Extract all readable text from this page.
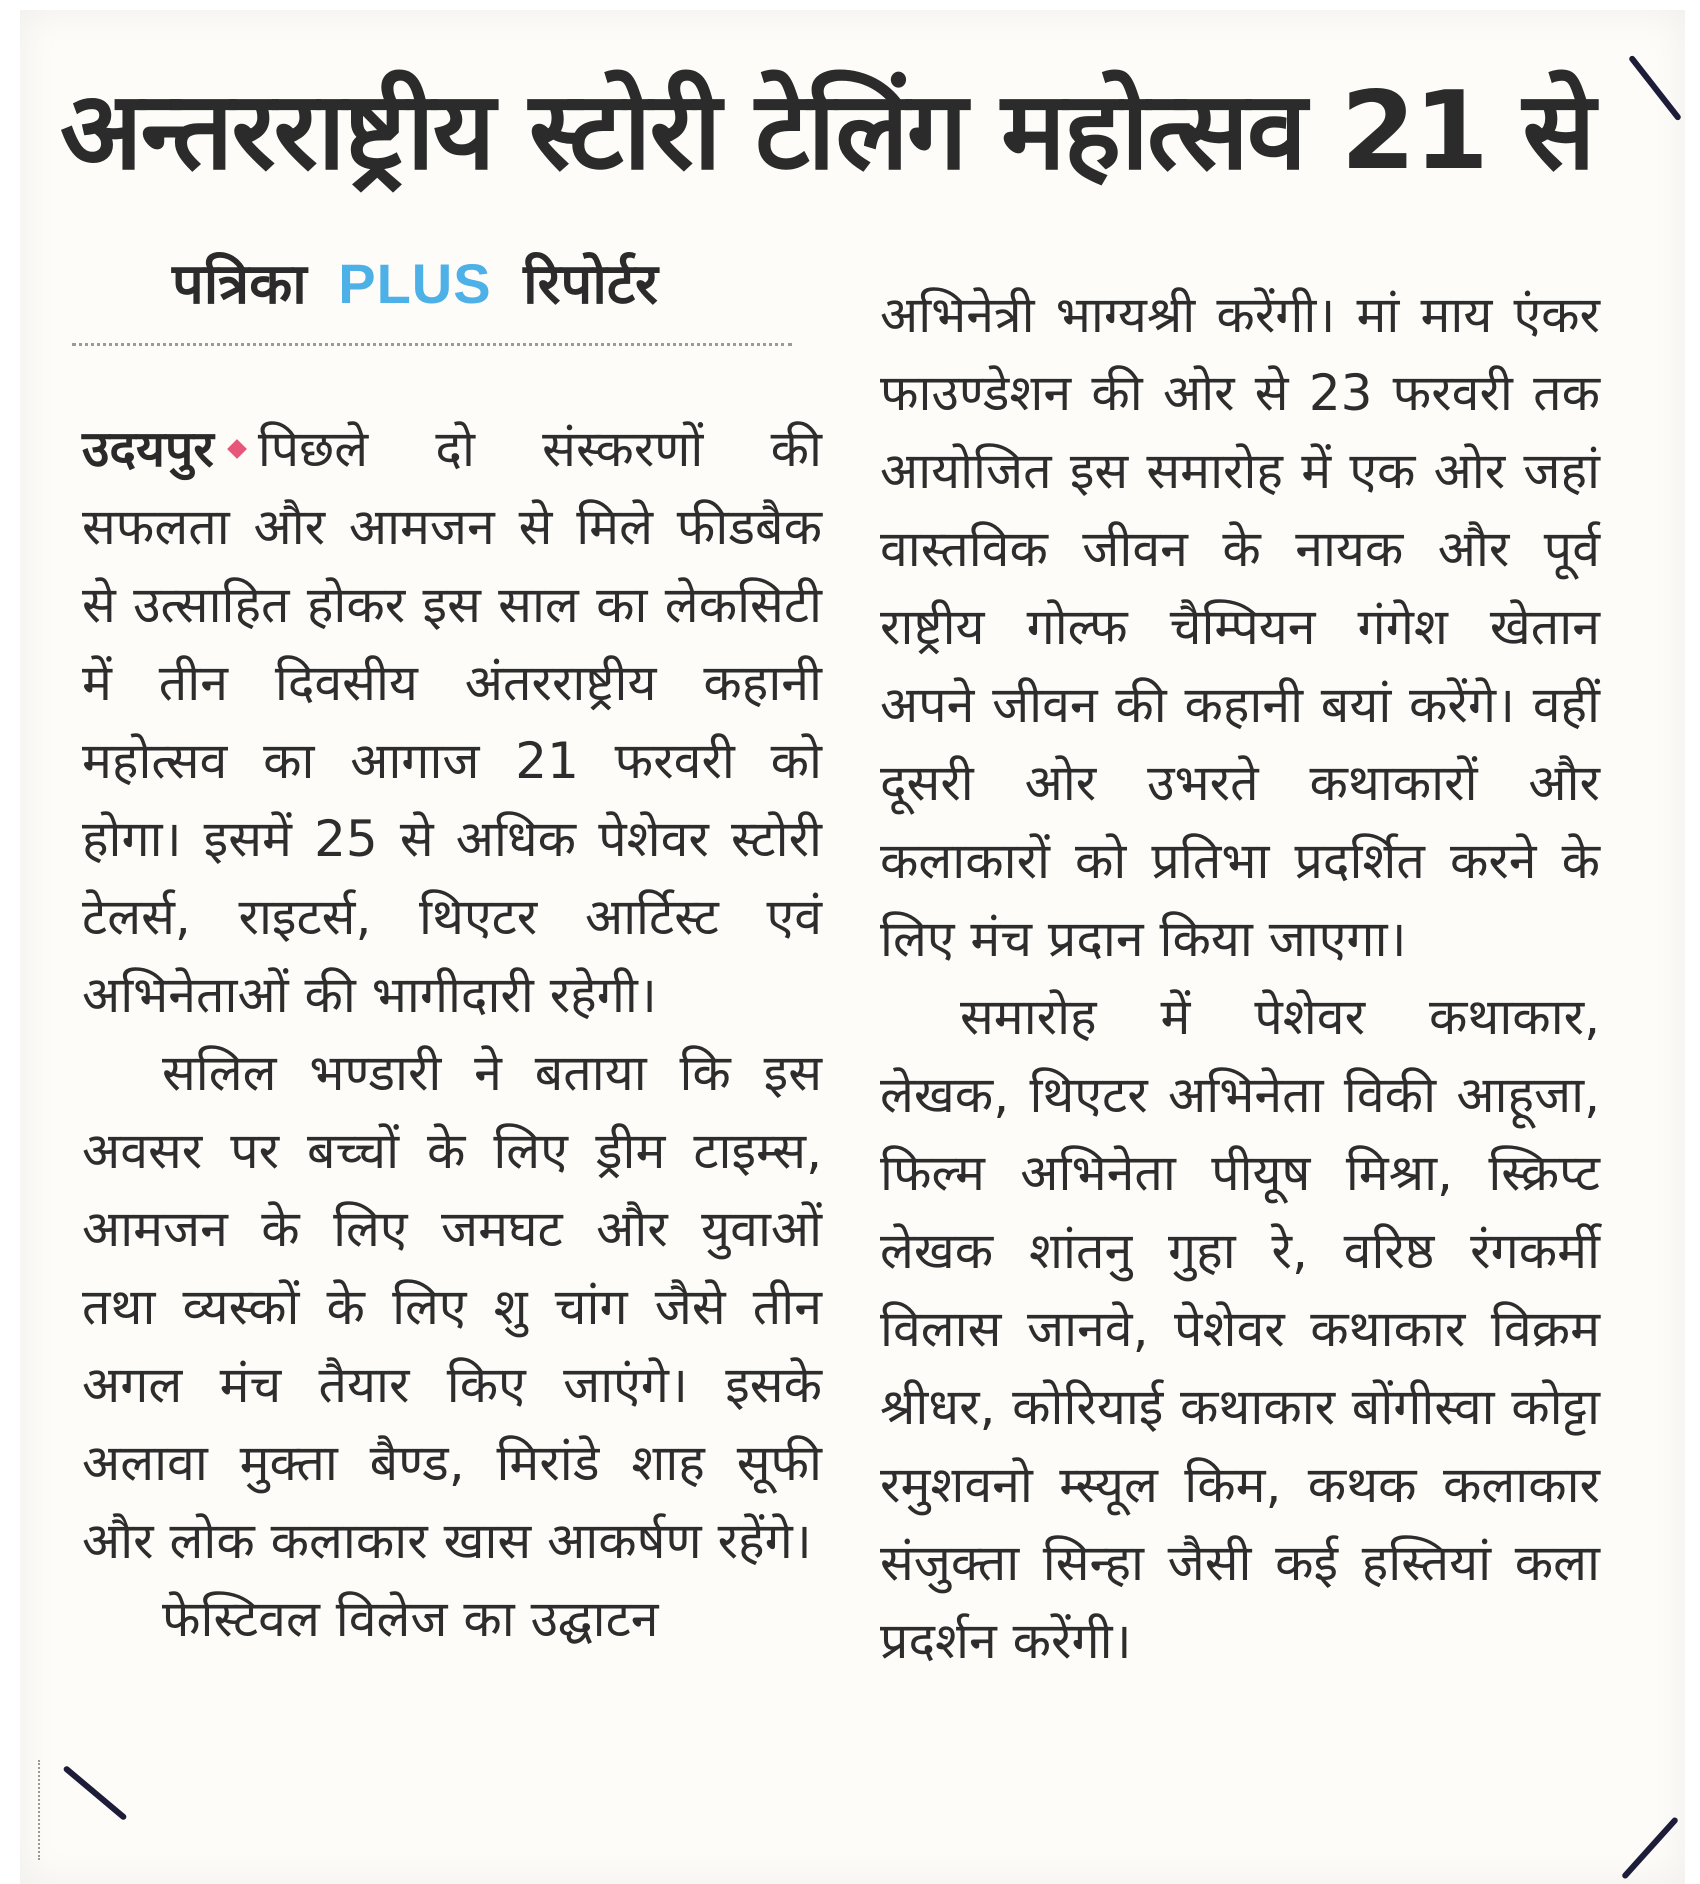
अन्तरराष्ट्रीय स्टोरी टेलिंग महोत्सव 21 से
पत्रिका PLUS रिपोर्टर

उदयपुर पिछले दो संस्करणों की सफलता और आमजन से मिले फीडबैक से उत्साहित होकर इस साल का लेकसिटी में तीन दिवसीय अंतरराष्ट्रीय कहानी महोत्सव का आगाज 21 फरवरी को होगा। इसमें 25 से अधिक पेशेवर स्टोरी टेलर्स, राइटर्स, थिएटर आर्टिस्ट एवं अभिनेताओं की भागीदारी रहेगी।

सलिल भण्डारी ने बताया कि इस अवसर पर बच्चों के लिए ड्रीम टाइम्स, आमजन के लिए जमघट और युवाओं तथा व्यस्कों के लिए शु चांग जैसे तीन अगल मंच तैयार किए जाएंगे। इसके अलावा मुक्ता बैण्ड, मिरांडे शाह सूफी और लोक कलाकार खास आकर्षण रहेंगे।

फेस्टिवल विलेज का उद्घाटन

अभिनेत्री भाग्यश्री करेंगी। मां माय एंकर फाउण्डेशन की ओर से 23 फरवरी तक आयोजित इस समारोह में एक ओर जहां वास्तविक जीवन के नायक और पूर्व राष्ट्रीय गोल्फ चैम्पियन गंगेश खेतान अपने जीवन की कहानी बयां करेंगे। वहीं दूसरी ओर उभरते कथाकारों और कलाकारों को प्रतिभा प्रदर्शित करने के लिए मंच प्रदान किया जाएगा।

समारोह में पेशेवर कथाकार, लेखक, थिएटर अभिनेता विकी आहूजा, फिल्म अभिनेता पीयूष मिश्रा, स्क्रिप्ट लेखक शांतनु गुहा रे, वरिष्ठ रंगकर्मी विलास जानवे, पेशेवर कथाकार विक्रम श्रीधर, कोरियाई कथाकार बोंगीस्वा कोट्टा रमुशवनो म्स्यूल किम, कथक कलाकार संजुक्ता सिन्हा जैसी कई हस्तियां कला प्रदर्शन करेंगी।
